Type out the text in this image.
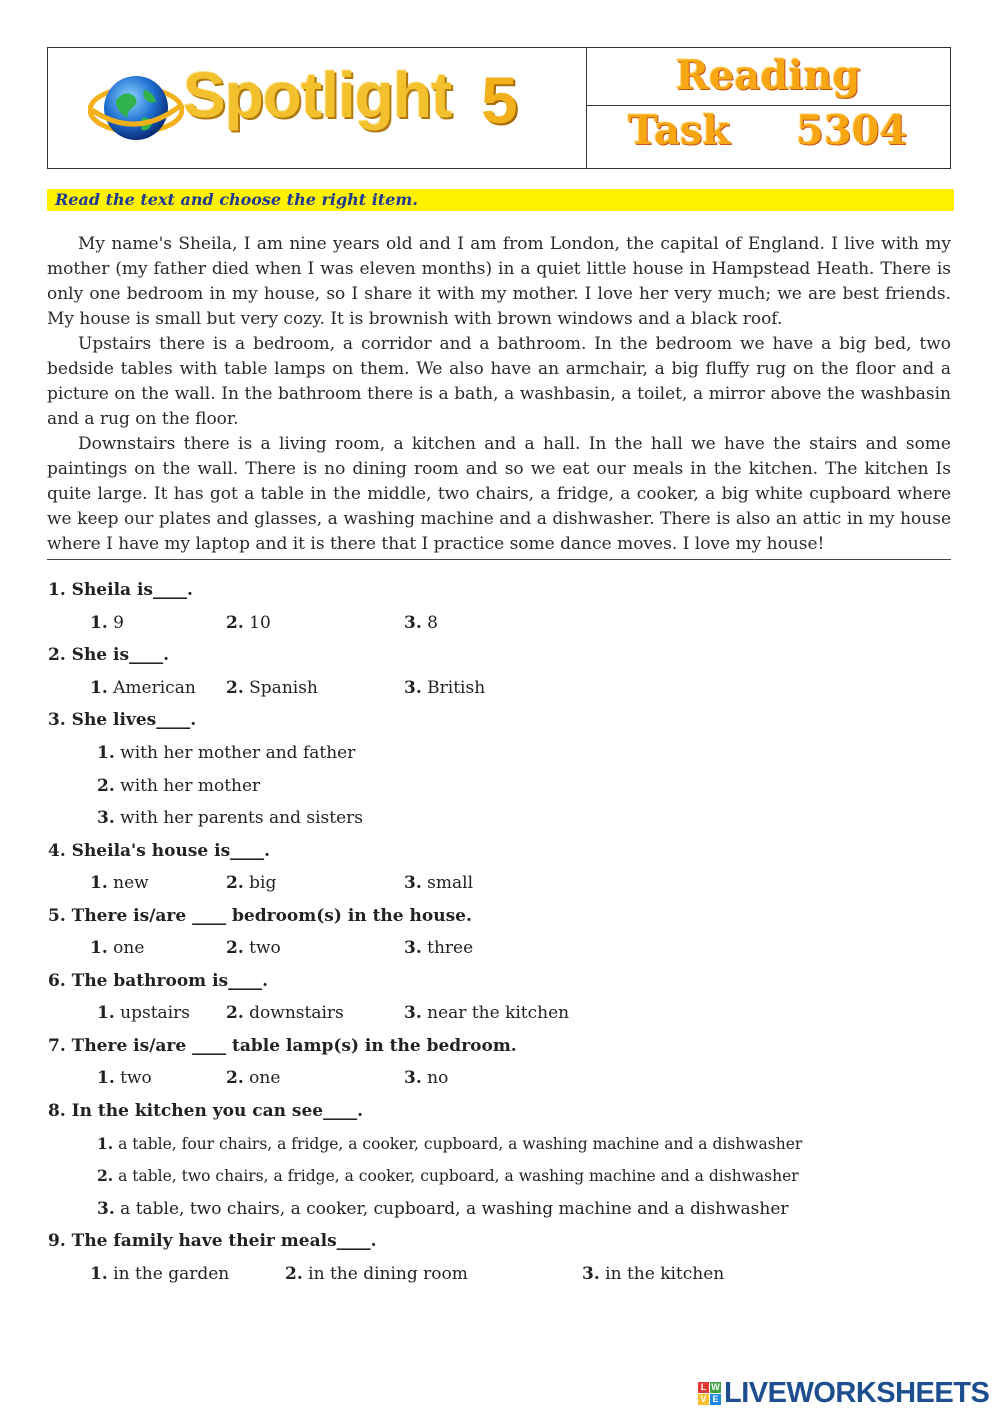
Spotlight 5	Reading
Task 5304
Read the text and choose the right item.

My name's Sheila, I am nine years old and I am from London, the capital of England. I live with my mother (my father died when I was eleven months) in a quiet little house in Hampstead Heath. There is only one bedroom in my house, so I share it with my mother. I love her very much; we are best friends. My house is small but very cozy. It is brownish with brown windows and a black roof.

Upstairs there is a bedroom, a corridor and a bathroom. In the bedroom we have a big bed, two bedside tables with table lamps on them. We also have an armchair, a big fluffy rug on the floor and a picture on the wall. In the bathroom there is a bath, a washbasin, a toilet, a mirror above the washbasin and a rug on the floor.

Downstairs there is a living room, a kitchen and a hall. In the hall we have the stairs and some paintings on the wall. There is no dining room and so we eat our meals in the kitchen. The kitchen Is quite large. It has got a table in the middle, two chairs, a fridge, a cooker, a big white cupboard where we keep our plates and glasses, a washing machine and a dishwasher. There is also an attic in my house where I have my laptop and it is there that I practice some dance moves. I love my house!

1. Sheila is____.
1. 9	2. 10	3. 8
2. She is____.
1. American 2. Spanish	3. British
3. She lives____.
1. with her mother and father
2. with her mother
3. with her parents and sisters
4. Sheila's house is____.
1. new	2. big	3. small
5. There is/are ____ bedroom(s) in the house.
1. one	2. two	3. three
6. The bathroom is____.
1. upstairs 2. downstairs	3. near the kitchen
7. There is/are ____ table lamp(s) in the bedroom.
1. two	2. one	3. no
8. In the kitchen you can see____.
1. a table, four chairs, a fridge, a cooker, cupboard, a washing machine and a dishwasher
2. a table, two chairs, a fridge, a cooker, cupboard, a washing machine and a dishwasher
3. a table, two chairs, a cooker, cupboard, a washing machine and a dishwasher
9. The family have their meals____.
1. in the garden	2. in the dining room	3. in the kitchen
L W
V E LIVEWORKSHEETS
